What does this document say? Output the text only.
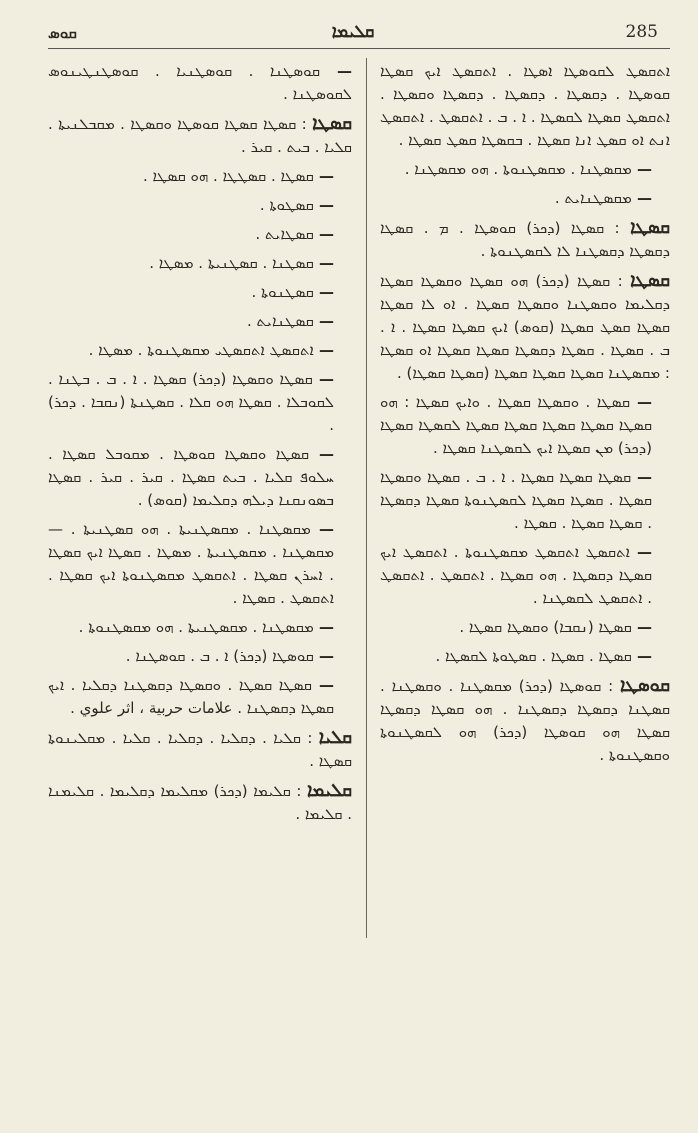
ܩܘܣ	ܩܠܝܡܐ	285

— ܩܘܣܛܢܐ . ܩܘܣܛܢܝܐ . ܩܘܣܛܢܛܝܢܘܣ ܠܩܘܣܛܢܐ .

ܩܣܛܐ : ܩܣܛܐ ܩܣܛܐ ܩܘܣܛܐ ܘܩܣܛܐ . ܡܩܒܠܢܝܬܐ . ܩܠܝܐ . ܒܝܬ . ܩܝܪ .

— ܩܣܛܐ . ܩܣܛܛܐ . ܗܘ ܩܣܛܐ .

— ܩܣܛܘܬܐ .

— ܩܣܛܐܝܬ .

— ܩܣܛܢܐ . ܩܣܛܢܝܬܐ . ܡܣܛܐ .

— ܩܣܛܢܘܬܐ .

— ܩܣܛܢܐܝܬ .

— ܐܬܩܣܛ ܐܬܩܣܛܝ ܡܩܣܛܢܘܬܐ . ܡܣܛܐ .

— ܩܣܛܐ ܘܩܣܛܐ (ܕܟܪ) ܩܣܛܐ . ܐ . ܒ . ܒܛܢܐ . ܠܩܘܒܠܐ . ܩܣܛܐ ܗܘ ܩܠܐ . ܩܣܛܢܬܐ (ܢܩܒܐ . ܕܟܪ) .

— ܩܣܛܐ ܘܩܣܛܐ ܩܘܣܛܐ . ܡܩܘܒܠ ܩܣܛܐ . ܚܠܘܦ ܩܠܝܐ . ܒܝܬ ܩܣܛܐ . ܩܝܪ . ܩܝܪ . ܩܣܛܐ ܒܣܘܢܩܢܐ ܕܝܠܗ ܕܩܠܝܡܐ (ܩܘܣ) .

— ܡܩܣܛܢܐ . ܡܩܣܛܢܝܬܐ . ܗܘ ܩܣܛܢܝܬܐ . — ܡܩܣܛܢܐ . ܡܩܣܛܢܝܬܐ . ܡܣܛܐ . ܩܣܛܐ ܐܝܟ ܩܣܛܐ . ܐܚܪܢ ܩܣܛܐ . ܐܬܩܣܛ ܡܩܣܛܢܘܬܐ ܐܝܟ ܩܣܛܐ . ܐܬܩܣܛ . ܩܣܛܐ .

— ܡܩܣܛܢܐ . ܡܩܣܛܢܝܬܐ . ܗܘ ܡܩܣܛܢܘܬܐ .

— ܩܘܣܛܐ (ܕܟܪ) ܐ . ܒ . ܩܘܣܛܢܐ .

— ܩܣܛܐ ܩܣܛܐ . ܘܩܣܛܐ ܕܩܣܛܢܐ ܕܩܠܝܐ . ܐܝܟ ܩܣܛܐ ܕܩܣܛܢܐ . علامات حربية ، اثر علوي .

ܩܠܝܐ : ܩܠܝܐ . ܕܩܠܝܐ . ܕܩܠܝܐ . ܩܠܝܐ . ܡܩܠܝܢܘܬܐ ܩܣܛܐ .

ܩܠܝܡܐ : ܩܠܝܡܐ (ܕܟܪ) ܡܩܠܝܡܐ ܕܩܠܝܡܐ . ܩܠܝܡܢܐ . ܩܠܝܡܐ .

ܐܬܩܣܛ ܠܩܘܣܛܐ ܐܣܛܐ . ܐܬܩܣܛ ܐܝܟ ܩܣܛܐ ܩܘܣܛܐ . ܕܩܣܛܐ . ܕܩܣܛܐ . ܕܩܣܛܐ ܘܩܣܛܐ . ܐܬܩܣܛ ܩܣܛܐ ܠܩܣܛܐ . ܐ . ܒ . ܐܬܩܣܛ . ܐܬܩܣܛ ܐܢܬ ܐܘ ܩܣܛ ܐܢܐ ܩܣܛܐ . ܒܩܣܛܐ ܩܣܛ ܩܣܛܐ .

— ܡܩܣܛܢܐ . ܡܩܣܛܢܘܬܐ . ܗܘ ܡܩܣܛܢܐ .

— ܡܩܣܛܢܐܝܬ .

ܩܣܛܐ : ܩܣܛܐ (ܕܟܪ) ܩܘܣܛܐ . ܡ . ܩܣܛܐ ܕܩܣܛܐ ܕܩܣܛܢܐ ܠܐ ܠܩܣܛܢܘܬܐ .

ܩܣܛܐ : ܩܣܛܐ (ܕܟܪ) ܗܘ ܩܣܛܐ ܘܩܣܛܐ ܩܣܛܐ ܕܩܠܝܡܐ ܘܩܣܛܢܐ ܘܩܣܛܐ ܩܣܛܐ . ܐܘ ܠܐ ܩܣܛܐ ܩܣܛܐ ܩܣܛ ܩܣܛܐ (ܩܘܣ) ܐܝܟ ܩܣܛܐ ܩܣܛܐ . ܐ . ܒ . ܩܣܛܐ . ܩܣܛܐ ܕܩܣܛܐ ܩܣܛܐ ܩܣܛܐ ܐܘ ܩܣܛܐ : ܡܩܣܛܢܐ ܩܣܛܐ ܩܣܛܐ ܩܣܛܐ (ܩܣܛܐ ܩܣܛܐ) .

— ܩܣܛܐ . ܘܩܣܛܐ ܩܣܛܐ . ܘܐܝܟ ܩܣܛܐ : ܗܘ ܩܣܛܐ ܩܣܛܐ ܩܣܛܐ ܩܣܛܐ ܩܣܛܐ ܠܩܣܛܐ ܩܣܛܐ (ܕܟܪ) ܡܢ ܩܣܛܐ ܐܝܟ ܠܩܣܛܢܐ ܩܣܛܐ .

— ܩܣܛܐ ܩܣܛܐ ܩܣܛܐ . ܐ . ܒ . ܩܣܛܐ ܘܩܣܛܐ ܩܣܛܐ . ܩܣܛܐ ܩܣܛܐ ܠܩܣܛܢܘܬܐ ܩܣܛܐ ܕܩܣܛܐ . ܩܣܛܐ ܩܣܛܐ . ܩܣܛܐ .

— ܐܬܩܣܛ ܐܬܩܣܛ ܡܩܣܛܢܘܬܐ . ܐܬܩܣܛ ܐܝܟ ܩܣܛܐ ܕܩܣܛܐ . ܗܘ ܩܣܛܐ . ܐܬܩܣܛ . ܐܬܩܣܛ . ܐܬܩܣܛ ܠܩܣܛܢܐ .

— ܩܣܛܐ (ܢܩܒܐ) ܘܩܣܛܐ ܩܣܛܐ .

— ܩܣܛܐ . ܩܣܛܐ . ܩܣܛܘܬܐ ܠܩܣܛܐ .

ܩܘܣܛܐ : ܩܘܣܛܐ (ܕܟܪ) ܡܩܣܛܢܐ . ܘܩܣܛܢܐ . ܩܣܛܢܐ ܕܩܣܛܐ ܕܩܣܛܢܐ . ܗܘ ܩܣܛܐ ܕܩܣܛܐ ܩܣܛܐ ܗܘ ܩܘܣܛܐ (ܕܟܪ) ܗܘ ܠܩܣܛܢܘܬܐ ܘܩܣܛܢܘܬܐ .
